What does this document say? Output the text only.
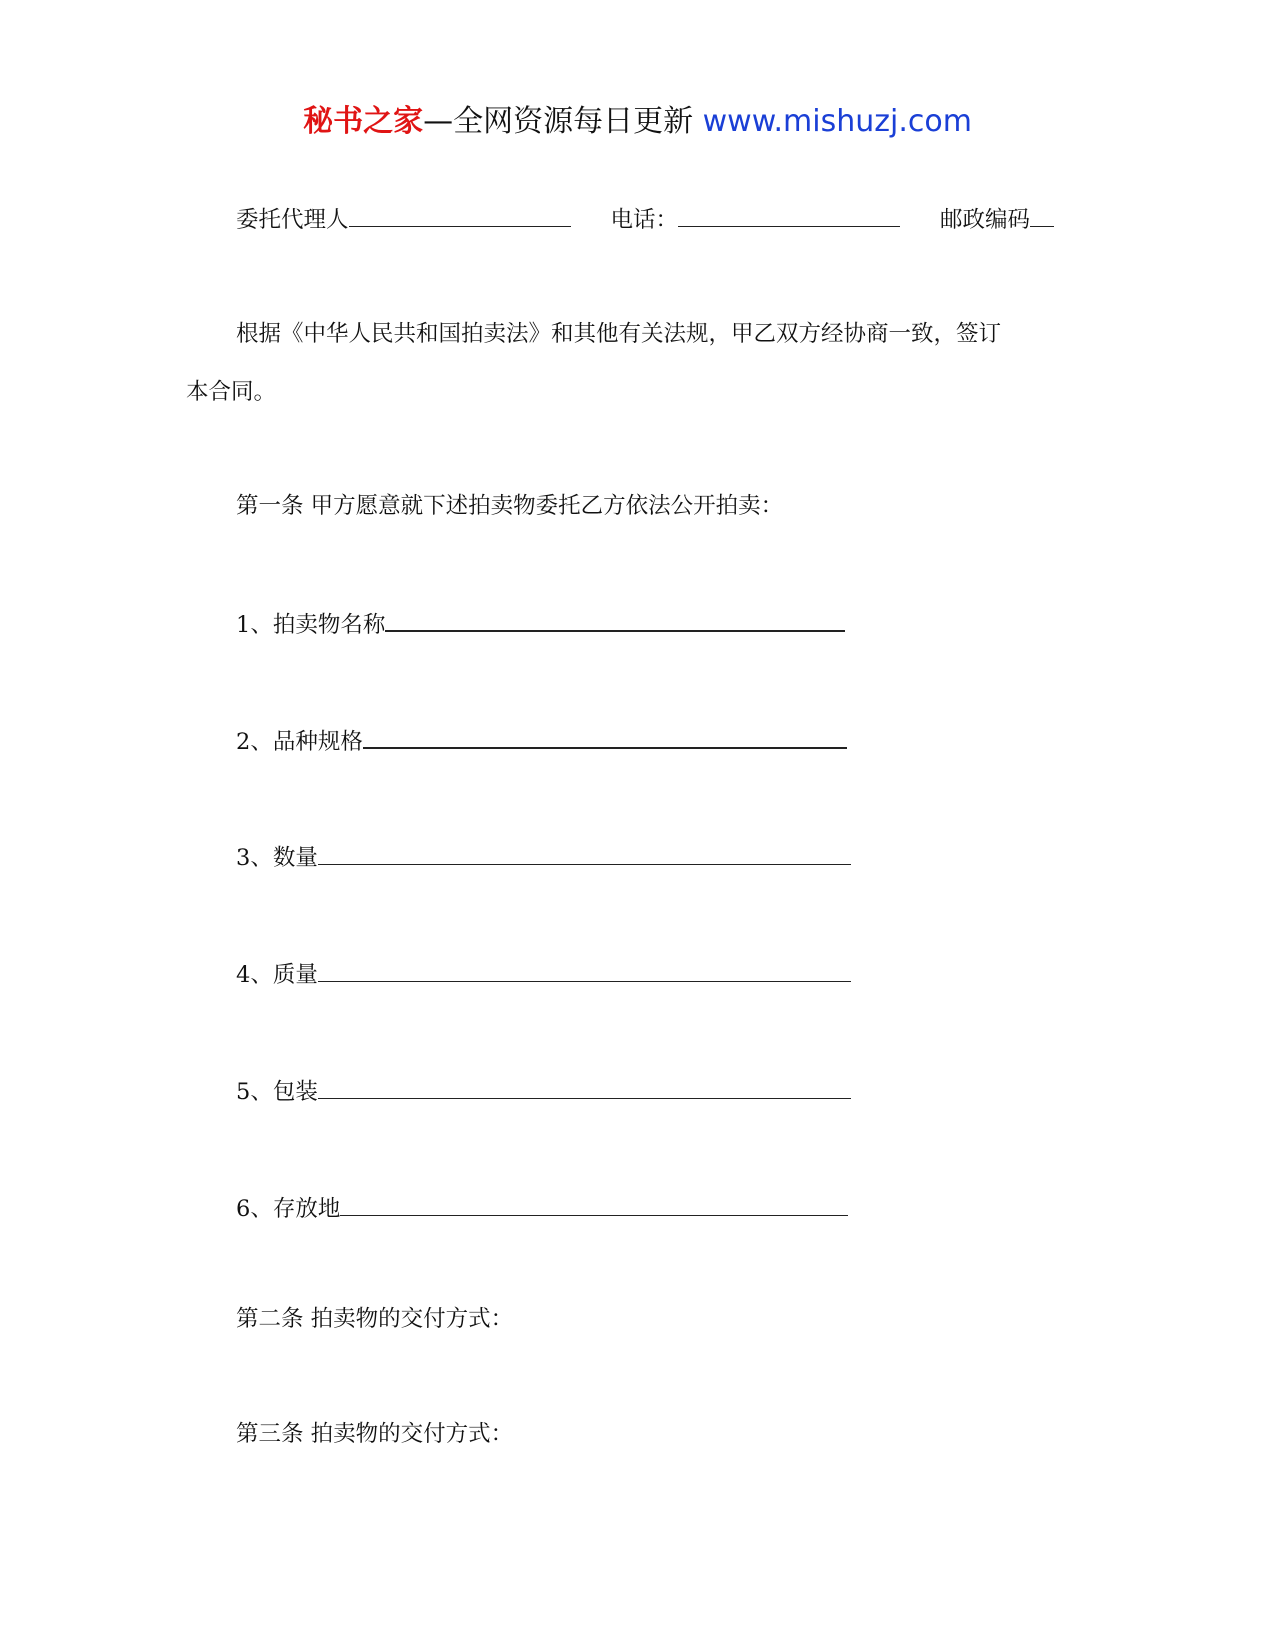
秘书之家—全网资源每日更新 www.mishuzj.com
委托代理人	电话：	邮政编码
根据《中华人民共和国拍卖法》和其他有关法规，甲乙双方经协商一致，签订
本合同。
第一条 甲方愿意就下述拍卖物委托乙方依法公开拍卖：
1、拍卖物名称
2、品种规格
3、数量
4、质量
5、包装
6、存放地
第二条 拍卖物的交付方式：
第三条 拍卖物的交付方式：
